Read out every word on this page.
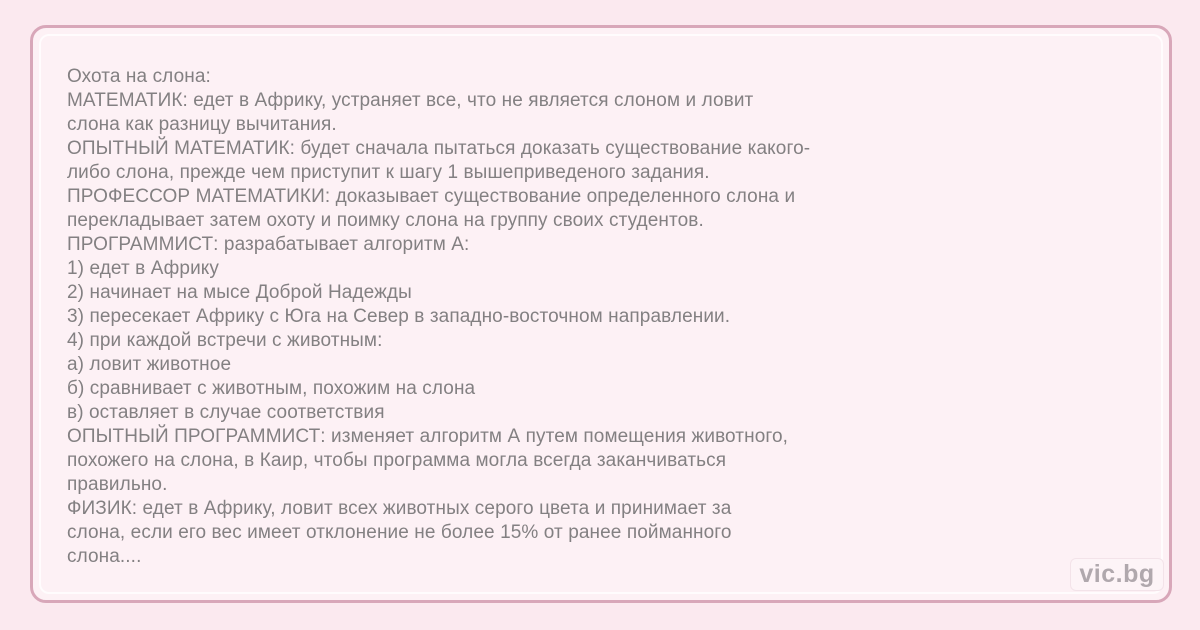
Охота на слона:
МАТЕМАТИК: едет в Африку, устраняет все, что не является слоном и ловит
слона как разницу вычитания.
ОПЫТНЫЙ МАТЕМАТИК: будет сначала пытаться доказать существование какого-
либо слона, прежде чем приступит к шагу 1 вышеприведеного задания.
ПРОФЕССОР МАТЕМАТИКИ: доказывает существование определенного слона и
перекладывает затем охоту и поимку слона на группу своих студентов.
ПРОГРАММИСТ: разрабатывает алгоритм А:
1) едет в Африку
2) начинает на мысе Доброй Надежды
3) пересекает Африку с Юга на Север в западно-восточном направлении.
4) при каждой встречи с животным:
а) ловит животное
б) сравнивает с животным, похожим на слона
в) оставляет в случае соответствия
ОПЫТНЫЙ ПРОГРАММИСТ: изменяет алгоритм А путем помещения животного,
похожего на слона, в Каир, чтобы программа могла всегда заканчиваться
правильно.
ФИЗИК: едет в Африку, ловит всех животных серого цвета и принимает за
слона, если его вес имеет отклонение не более 15% от ранее пойманного
слона....
vic.bg
